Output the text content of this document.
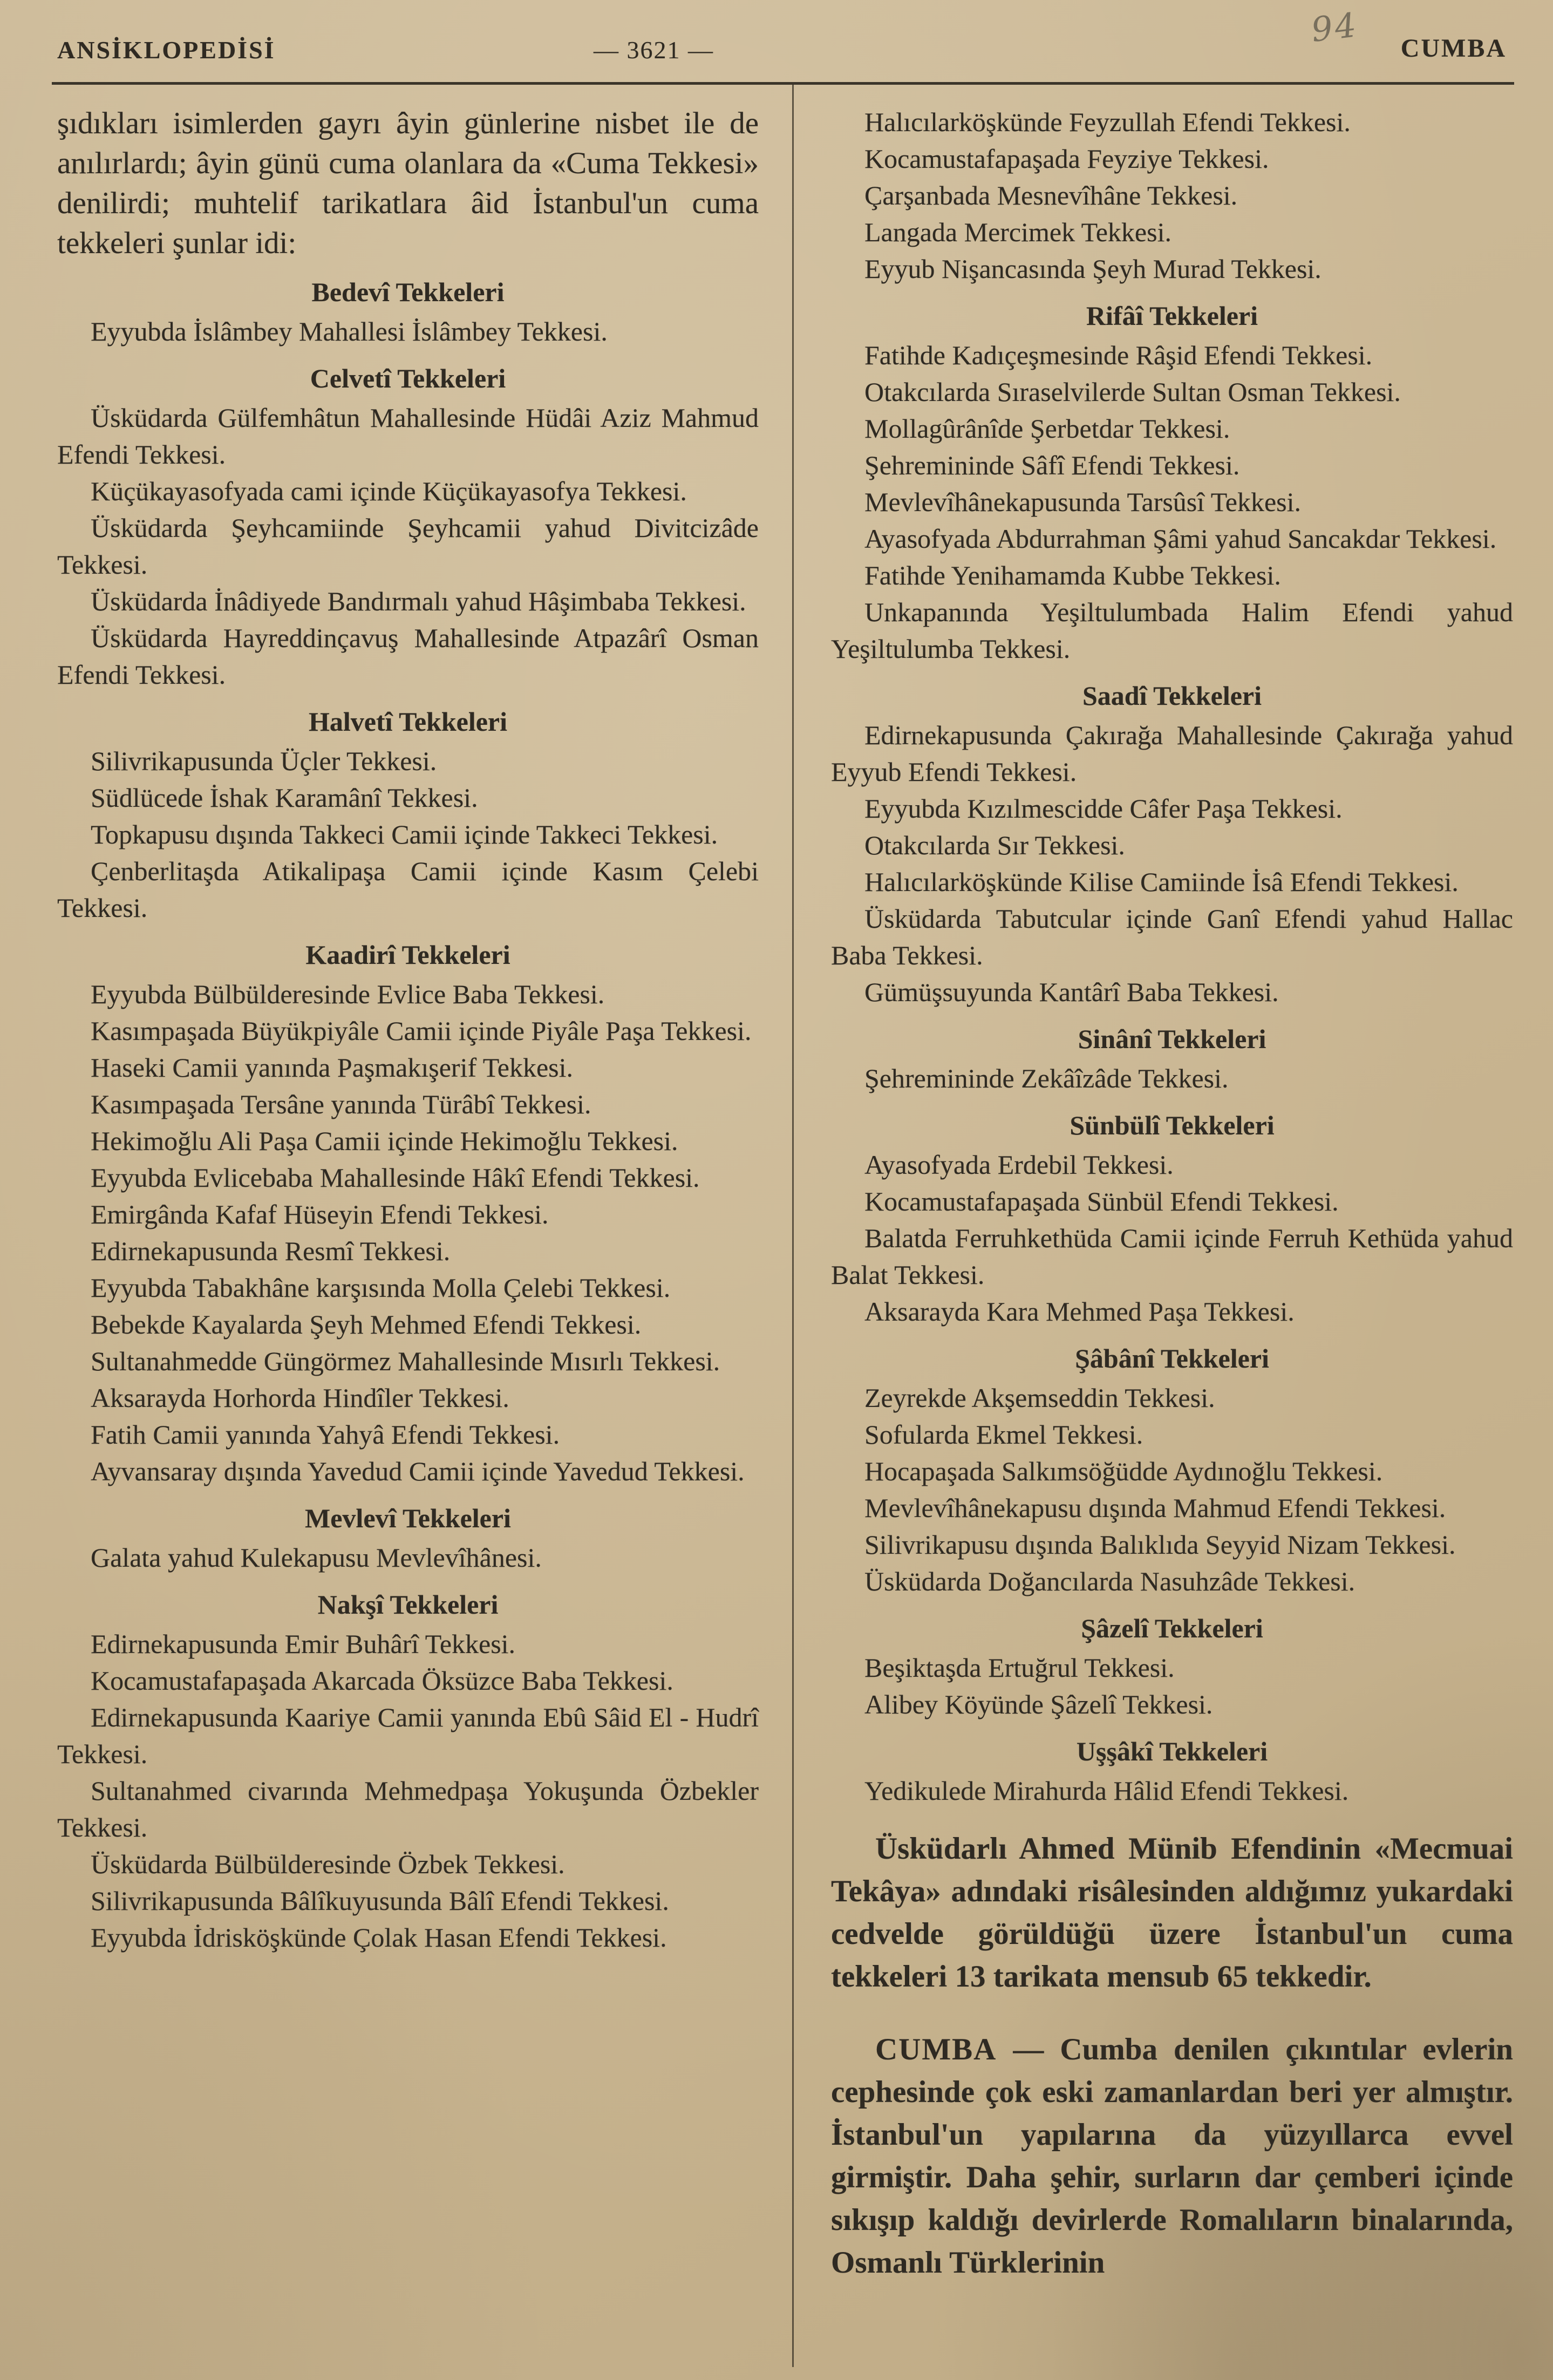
94
ANSİKLOPEDİSİ	— 3621 —	CUMBA

şıdıkları isimlerden gayrı âyin günlerine nisbet ile de anılırlardı; âyin günü cuma olanlara da «Cuma Tekkesi» denilirdi; muhtelif tarikatlara âid İstanbul'un cuma tekkeleri şunlar idi:

Bedevî Tekkeleri

Eyyubda İslâmbey Mahallesi İslâmbey Tekkesi.

Celvetî Tekkeleri

Üsküdarda Gülfemhâtun Mahallesinde Hüdâi Aziz Mahmud Efendi Tekkesi.

Küçükayasofyada cami içinde Küçükayasofya Tekkesi.

Üsküdarda Şeyhcamiinde Şeyhcamii yahud Divitcizâde Tekkesi.

Üsküdarda İnâdiyede Bandırmalı yahud Hâşimbaba Tekkesi.

Üsküdarda Hayreddinçavuş Mahallesinde Atpazârî Osman Efendi Tekkesi.

Halvetî Tekkeleri

Silivrikapusunda Üçler Tekkesi.

Südlücede İshak Karamânî Tekkesi.

Topkapusu dışında Takkeci Camii içinde Takkeci Tekkesi.

Çenberlitaşda Atikalipaşa Camii içinde Kasım Çelebi Tekkesi.

Kaadirî Tekkeleri

Eyyubda Bülbülderesinde Evlice Baba Tekkesi.

Kasımpaşada Büyükpiyâle Camii içinde Piyâle Paşa Tekkesi.

Haseki Camii yanında Paşmakışerif Tekkesi.

Kasımpaşada Tersâne yanında Türâbî Tekkesi.

Hekimoğlu Ali Paşa Camii içinde Hekimoğlu Tekkesi.

Eyyubda Evlicebaba Mahallesinde Hâkî Efendi Tekkesi.

Emirgânda Kafaf Hüseyin Efendi Tekkesi.

Edirnekapusunda Resmî Tekkesi.

Eyyubda Tabakhâne karşısında Molla Çelebi Tekkesi.

Bebekde Kayalarda Şeyh Mehmed Efendi Tekkesi.

Sultanahmedde Güngörmez Mahallesinde Mısırlı Tekkesi.

Aksarayda Horhorda Hindîler Tekkesi.

Fatih Camii yanında Yahyâ Efendi Tekkesi.

Ayvansaray dışında Yavedud Camii içinde Yavedud Tekkesi.

Mevlevî Tekkeleri

Galata yahud Kulekapusu Mevlevîhânesi.

Nakşî Tekkeleri

Edirnekapusunda Emir Buhârî Tekkesi.

Kocamustafapaşada Akarcada Öksüzce Baba Tekkesi.

Edirnekapusunda Kaariye Camii yanında Ebû Sâid El - Hudrî Tekkesi.

Sultanahmed civarında Mehmedpaşa Yokuşunda Özbekler Tekkesi.

Üsküdarda Bülbülderesinde Özbek Tekkesi.

Silivrikapusunda Bâlîkuyusunda Bâlî Efendi Tekkesi.

Eyyubda İdrisköşkünde Çolak Hasan Efendi Tekkesi.

Halıcılarköşkünde Feyzullah Efendi Tekkesi.

Kocamustafapaşada Feyziye Tekkesi.

Çarşanbada Mesnevîhâne Tekkesi.

Langada Mercimek Tekkesi.

Eyyub Nişancasında Şeyh Murad Tekkesi.

Rifâî Tekkeleri

Fatihde Kadıçeşmesinde Râşid Efendi Tekkesi.

Otakcılarda Sıraselvilerde Sultan Osman Tekkesi.

Mollagûrânîde Şerbetdar Tekkesi.

Şehremininde Sâfî Efendi Tekkesi.

Mevlevîhânekapusunda Tarsûsî Tekkesi.

Ayasofyada Abdurrahman Şâmi yahud Sancakdar Tekkesi.

Fatihde Yenihamamda Kubbe Tekkesi.

Unkapanında Yeşiltulumbada Halim Efendi yahud Yeşiltulumba Tekkesi.

Saadî Tekkeleri

Edirnekapusunda Çakırağa Mahallesinde Çakırağa yahud Eyyub Efendi Tekkesi.

Eyyubda Kızılmescidde Câfer Paşa Tekkesi.

Otakcılarda Sır Tekkesi.

Halıcılarköşkünde Kilise Camiinde İsâ Efendi Tekkesi.

Üsküdarda Tabutcular içinde Ganî Efendi yahud Hallac Baba Tekkesi.

Gümüşsuyunda Kantârî Baba Tekkesi.

Sinânî Tekkeleri

Şehremininde Zekâîzâde Tekkesi.

Sünbülî Tekkeleri

Ayasofyada Erdebil Tekkesi.

Kocamustafapaşada Sünbül Efendi Tekkesi.

Balatda Ferruhkethüda Camii içinde Ferruh Kethüda yahud Balat Tekkesi.

Aksarayda Kara Mehmed Paşa Tekkesi.

Şâbânî Tekkeleri

Zeyrekde Akşemseddin Tekkesi.

Sofularda Ekmel Tekkesi.

Hocapaşada Salkımsöğüdde Aydınoğlu Tekkesi.

Mevlevîhânekapusu dışında Mahmud Efendi Tekkesi.

Silivrikapusu dışında Balıklıda Seyyid Nizam Tekkesi.

Üsküdarda Doğancılarda Nasuhzâde Tekkesi.

Şâzelî Tekkeleri

Beşiktaşda Ertuğrul Tekkesi.

Alibey Köyünde Şâzelî Tekkesi.

Uşşâkî Tekkeleri

Yedikulede Mirahurda Hâlid Efendi Tekkesi.

Üsküdarlı Ahmed Münib Efendinin «Mecmuai Tekâya» adındaki risâlesinden aldığımız yukardaki cedvelde görüldüğü üzere İstanbul'un cuma tekkeleri 13 tarikata mensub 65 tekkedir.

CUMBA — Cumba denilen çıkıntılar evlerin cephesinde çok eski zamanlardan beri yer almıştır. İstanbul'un yapılarına da yüzyıllarca evvel girmiştir. Daha şehir, surların dar çemberi içinde sıkışıp kaldığı devirlerde Romalıların binalarında, Osmanlı Türklerinin
